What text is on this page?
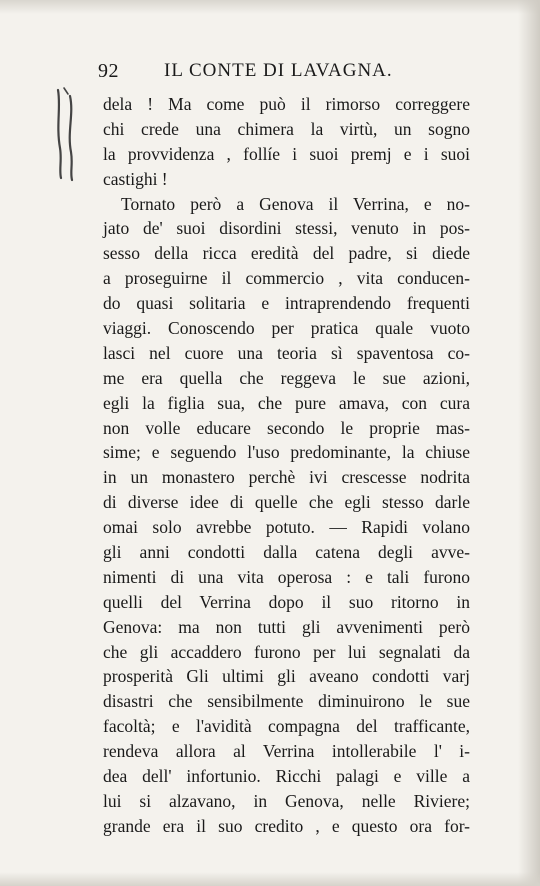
92 IL CONTE DI LAVAGNA.
dela ! Ma come può il rimorso correggere
chi crede una chimera la virtù, un sogno
la provvidenza , follíe i suoi premj e i suoi
castighi !
Tornato però a Genova il Verrina, e no-
jato de' suoi disordini stessi, venuto in pos-
sesso della ricca eredità del padre, si diede
a proseguirne il commercio , vita conducen-
do quasi solitaria e intraprendendo frequenti
viaggi. Conoscendo per pratica quale vuoto
lasci nel cuore una teoria sì spaventosa co-
me era quella che reggeva le sue azioni,
egli la figlia sua, che pure amava, con cura
non volle educare secondo le proprie mas-
sime; e seguendo l'uso predominante, la chiuse
in un monastero perchè ivi crescesse nodrita
di diverse idee di quelle che egli stesso darle
omai solo avrebbe potuto. — Rapidi volano
gli anni condotti dalla catena degli avve-
nimenti di una vita operosa : e tali furono
quelli del Verrina dopo il suo ritorno in
Genova: ma non tutti gli avvenimenti però
che gli accaddero furono per lui segnalati da
prosperità Gli ultimi gli aveano condotti varj
disastri che sensibilmente diminuirono le sue
facoltà; e l'avidità compagna del trafficante,
rendeva allora al Verrina intollerabile l' i-
dea dell' infortunio. Ricchi palagi e ville a
lui si alzavano, in Genova, nelle Riviere;
grande era il suo credito , e questo ora for-
